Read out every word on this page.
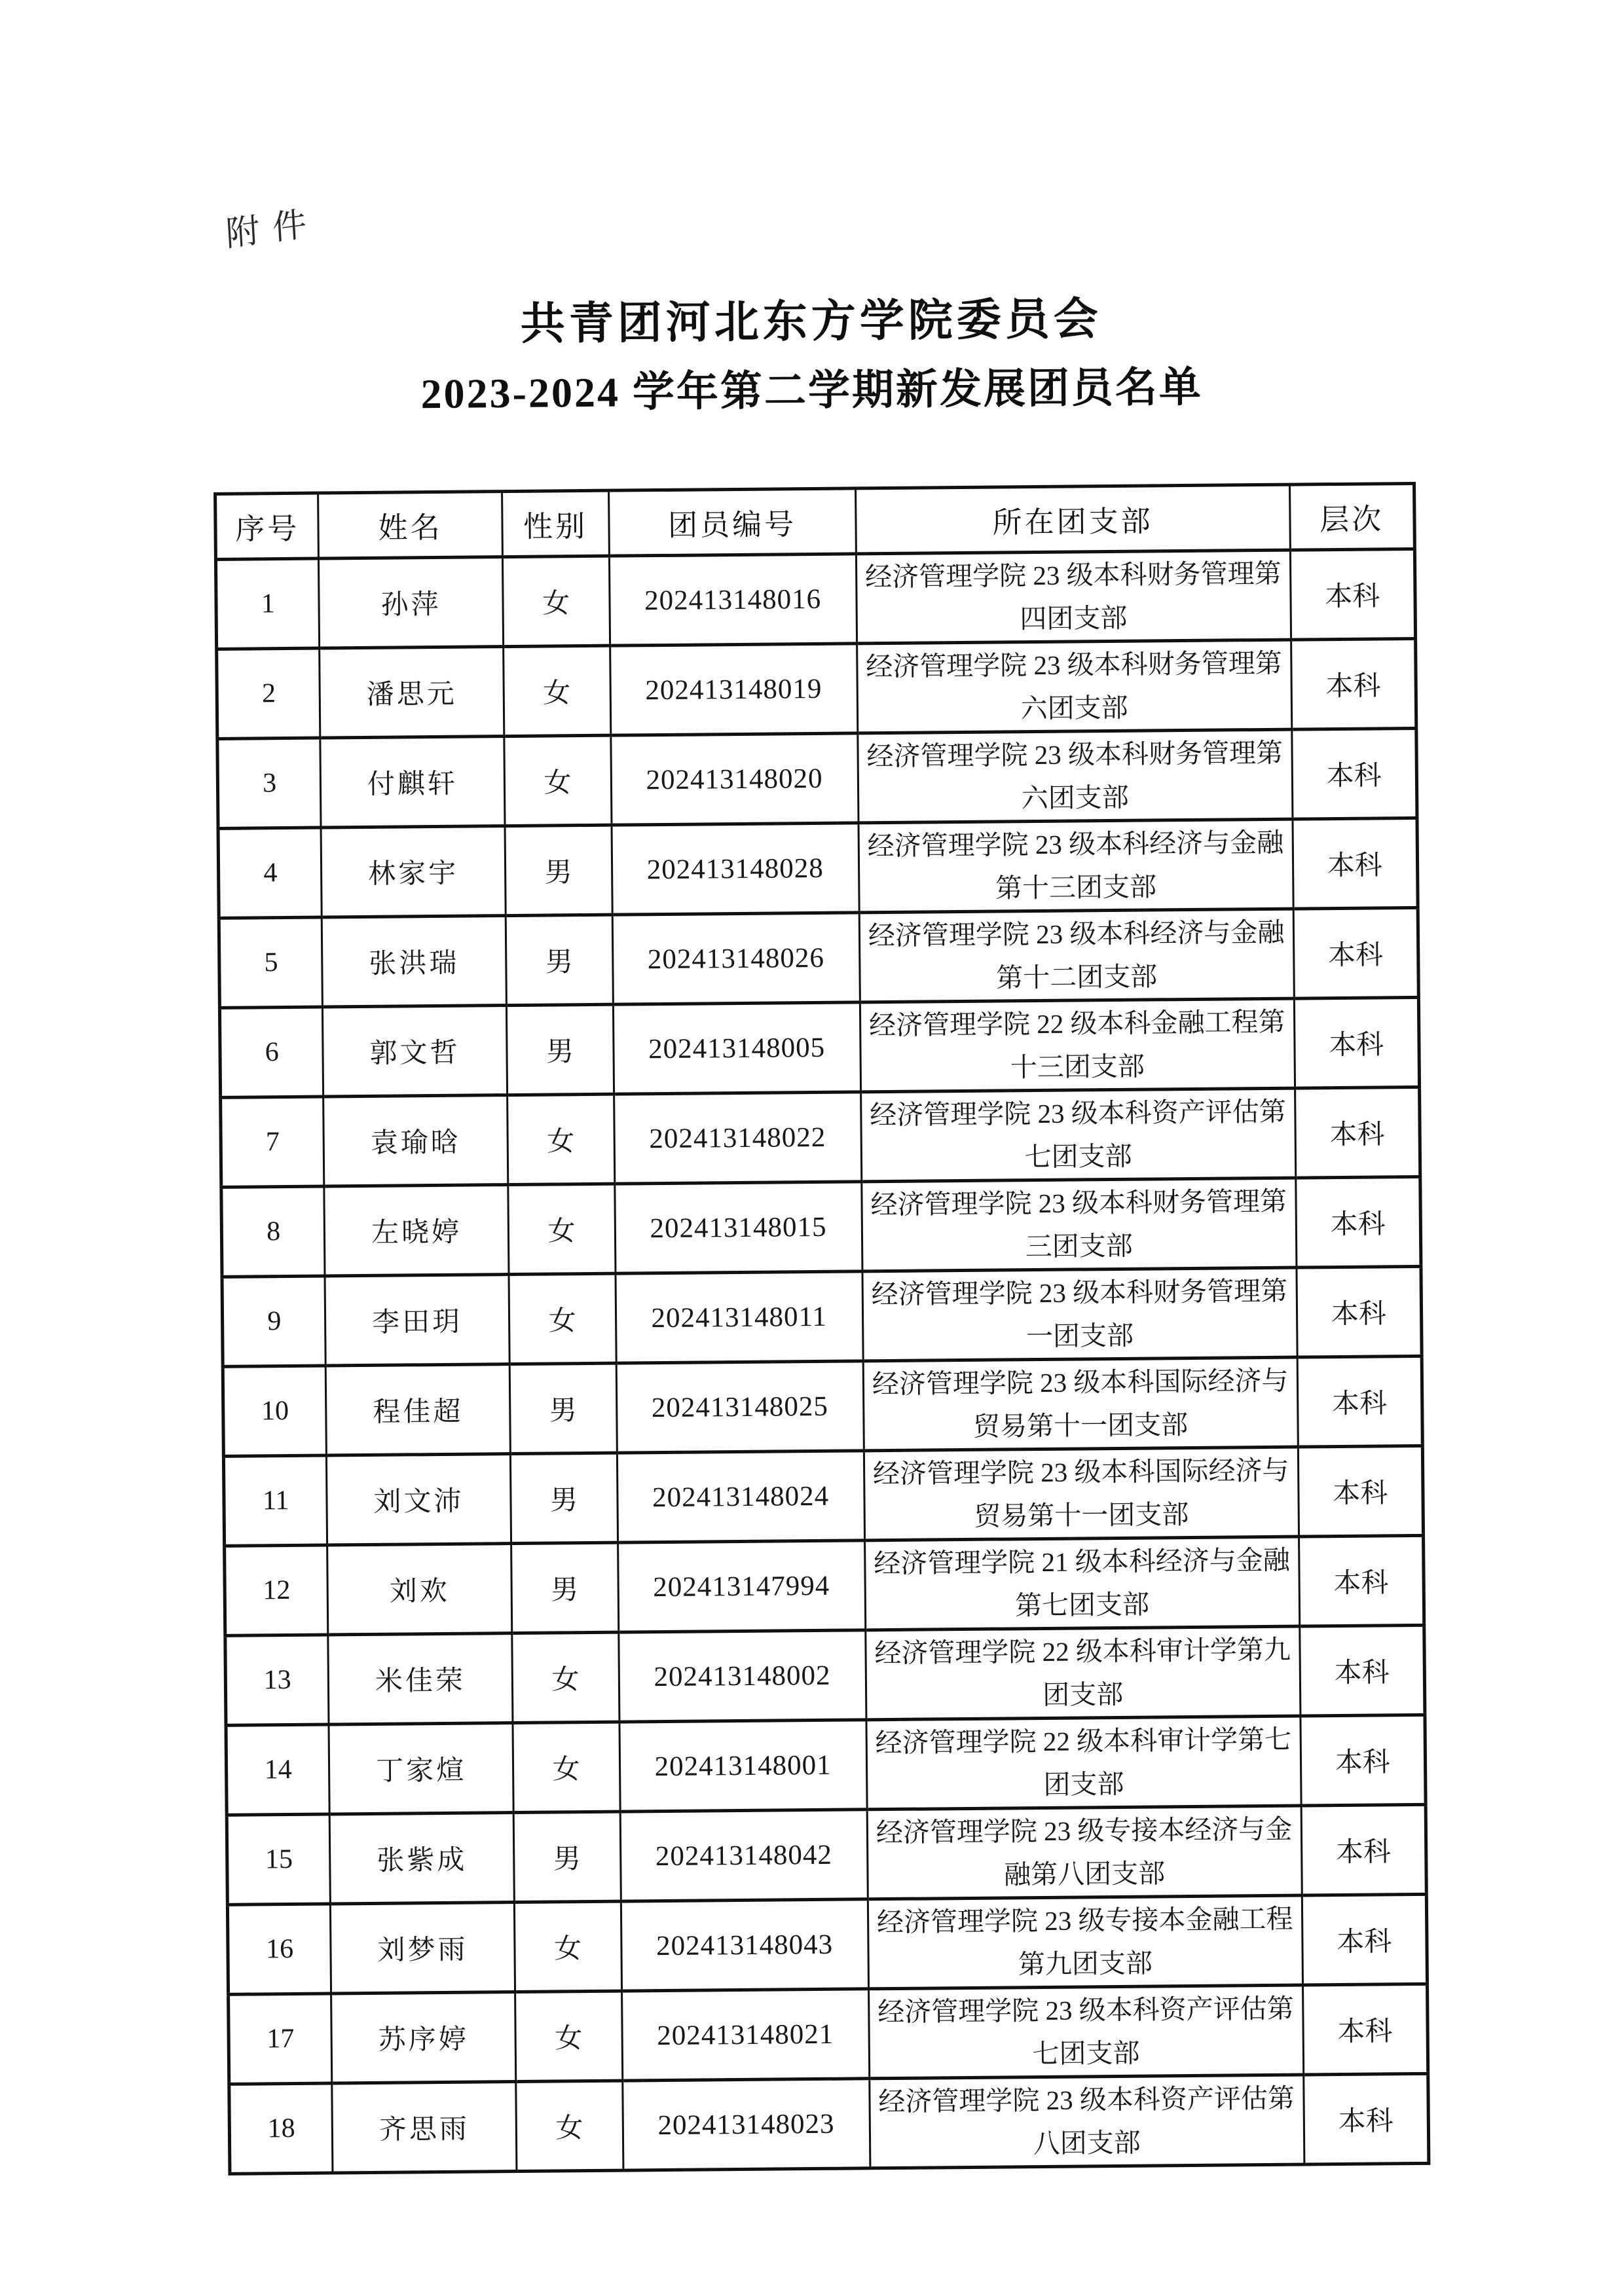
附件
共青团河北东方学院委员会
2023-2024 学年第二学期新发展团员名单
序号	姓名	性别	团员编号	所在团支部	层次
1	孙萍	女	202413148016	经济管理学院 23 级本科财务管理第四团支部	本科
2	潘思元	女	202413148019	经济管理学院 23 级本科财务管理第六团支部	本科
3	付麒轩	女	202413148020	经济管理学院 23 级本科财务管理第六团支部	本科
4	林家宇	男	202413148028	经济管理学院 23 级本科经济与金融第十三团支部	本科
5	张洪瑞	男	202413148026	经济管理学院 23 级本科经济与金融第十二团支部	本科
6	郭文哲	男	202413148005	经济管理学院 22 级本科金融工程第十三团支部	本科
7	袁瑜晗	女	202413148022	经济管理学院 23 级本科资产评估第七团支部	本科
8	左晓婷	女	202413148015	经济管理学院 23 级本科财务管理第三团支部	本科
9	李田玥	女	202413148011	经济管理学院 23 级本科财务管理第一团支部	本科
10	程佳超	男	202413148025	经济管理学院 23 级本科国际经济与贸易第十一团支部	本科
11	刘文沛	男	202413148024	经济管理学院 23 级本科国际经济与贸易第十一团支部	本科
12	刘欢	男	202413147994	经济管理学院 21 级本科经济与金融第七团支部	本科
13	米佳荣	女	202413148002	经济管理学院 22 级本科审计学第九团支部	本科
14	丁家煊	女	202413148001	经济管理学院 22 级本科审计学第七团支部	本科
15	张紫成	男	202413148042	经济管理学院 23 级专接本经济与金融第八团支部	本科
16	刘梦雨	女	202413148043	经济管理学院 23 级专接本金融工程第九团支部	本科
17	苏序婷	女	202413148021	经济管理学院 23 级本科资产评估第七团支部	本科
18	齐思雨	女	202413148023	经济管理学院 23 级本科资产评估第八团支部	本科
